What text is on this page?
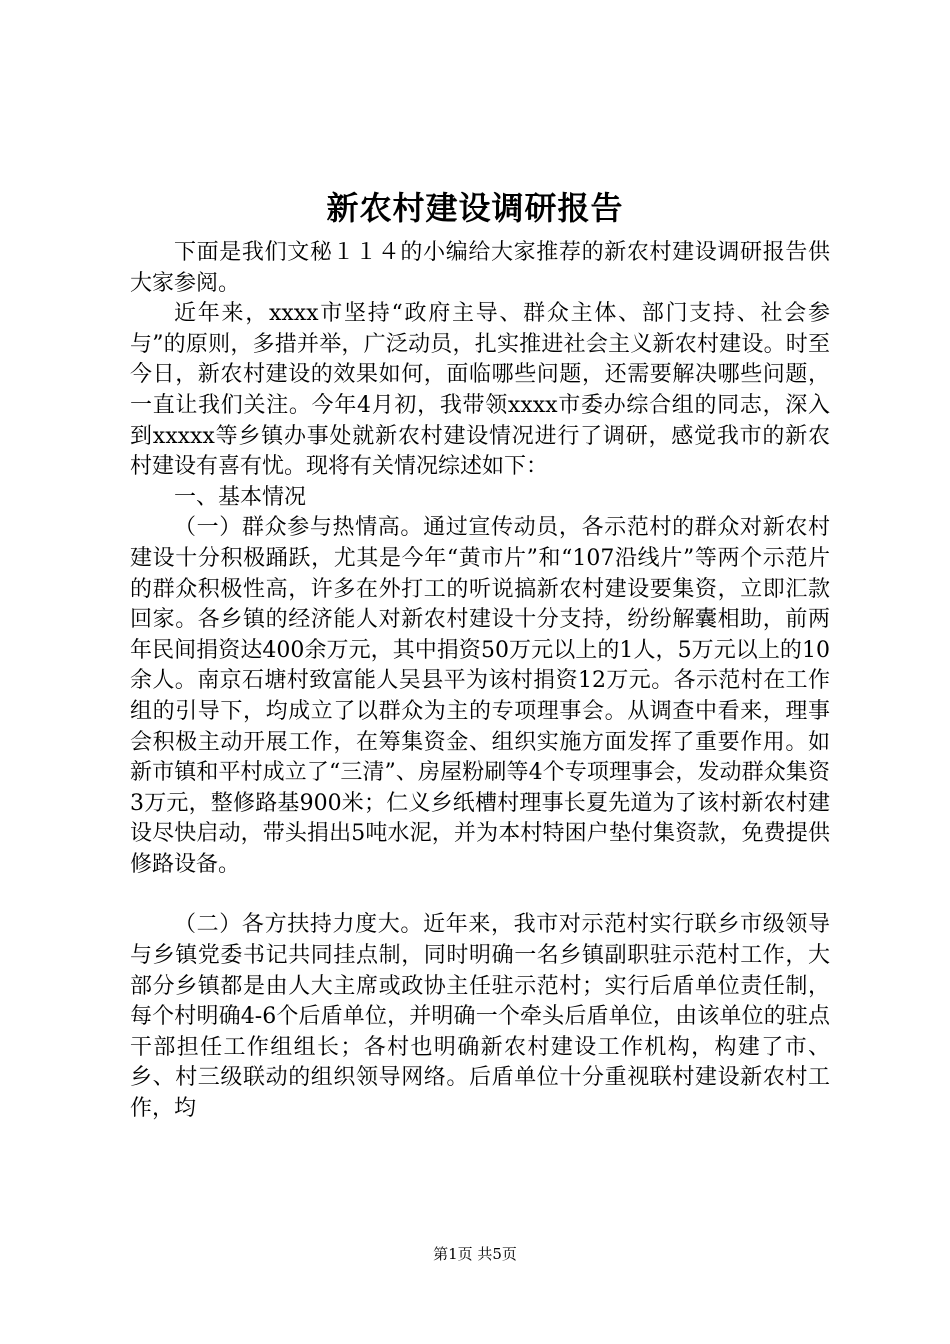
新农村建设调研报告

下面是我们文秘１１４的小编给大家推荐的新农村建设调研报告供大家参阅。

近年来，xxxx市坚持“政府主导、群众主体、部门支持、社会参与”的原则，多措并举，广泛动员，扎实推进社会主义新农村建设。时至今日，新农村建设的效果如何，面临哪些问题，还需要解决哪些问题，一直让我们关注。今年4月初，我带领xxxx市委办综合组的同志，深入到xxxxx等乡镇办事处就新农村建设情况进行了调研，感觉我市的新农村建设有喜有忧。现将有关情况综述如下：

一、基本情况

（一）群众参与热情高。通过宣传动员，各示范村的群众对新农村建设十分积极踊跃，尤其是今年“黄市片”和“107沿线片”等两个示范片的群众积极性高，许多在外打工的听说搞新农村建设要集资，立即汇款回家。各乡镇的经济能人对新农村建设十分支持，纷纷解囊相助，前两年民间捐资达400余万元，其中捐资50万元以上的1人，5万元以上的10余人。南京石塘村致富能人吴县平为该村捐资12万元。各示范村在工作组的引导下，均成立了以群众为主的专项理事会。从调查中看来，理事会积极主动开展工作，在筹集资金、组织实施方面发挥了重要作用。如新市镇和平村成立了“三清”、房屋粉刷等4个专项理事会，发动群众集资3万元，整修路基900米；仁义乡纸槽村理事长夏先道为了该村新农村建设尽快启动，带头捐出5吨水泥，并为本村特困户垫付集资款，免费提供修路设备。

（二）各方扶持力度大。近年来，我市对示范村实行联乡市级领导与乡镇党委书记共同挂点制，同时明确一名乡镇副职驻示范村工作，大部分乡镇都是由人大主席或政协主任驻示范村；实行后盾单位责任制，每个村明确4-6个后盾单位，并明确一个牵头后盾单位，由该单位的驻点干部担任工作组组长；各村也明确新农村建设工作机构，构建了市、乡、村三级联动的组织领导网络。后盾单位十分重视联村建设新农村工作，均

第1页 共5页
